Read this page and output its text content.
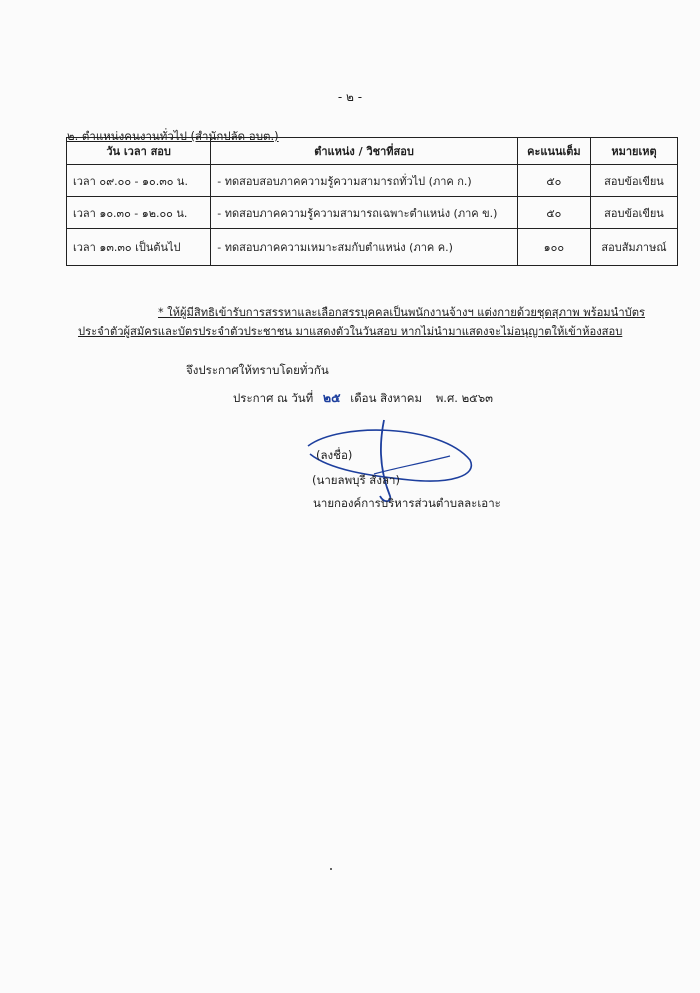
- ๒ -
๒. ตำแหน่งคนงานทั่วไป (สำนักปลัด อบต.)
วัน เวลา สอบ	ตำแหน่ง / วิชาที่สอบ	คะแนนเต็ม	หมายเหตุ
เวลา ๐๙.๐๐ - ๑๐.๓๐ น.	- ทดสอบสอบภาคความรู้ความสามารถทั่วไป (ภาค ก.)	๕๐	สอบข้อเขียน
เวลา ๑๐.๓๐ - ๑๒.๐๐ น.	- ทดสอบภาคความรู้ความสามารถเฉพาะตำแหน่ง (ภาค ข.)	๕๐	สอบข้อเขียน
เวลา ๑๓.๓๐ เป็นต้นไป	- ทดสอบภาคความเหมาะสมกับตำแหน่ง (ภาค ค.)	๑๐๐	สอบสัมภาษณ์
* ให้ผู้มีสิทธิเข้ารับการสรรหาและเลือกสรรบุคคลเป็นพนักงานจ้างฯ แต่งกายด้วยชุดสุภาพ พร้อมนำบัตร
ประจำตัวผู้สมัครและบัตรประจำตัวประชาชน มาแสดงตัวในวันสอบ หากไม่นำมาแสดงจะไม่อนุญาตให้เข้าห้องสอบ
จึงประกาศให้ทราบโดยทั่วกัน
ประกาศ ณ วันที่ ๒๕ เดือน สิงหาคม พ.ศ. ๒๕๖๓
(ลงชื่อ)
(นายลพบุรี สังลา)
นายกองค์การบริหารส่วนตำบลละเอาะ
